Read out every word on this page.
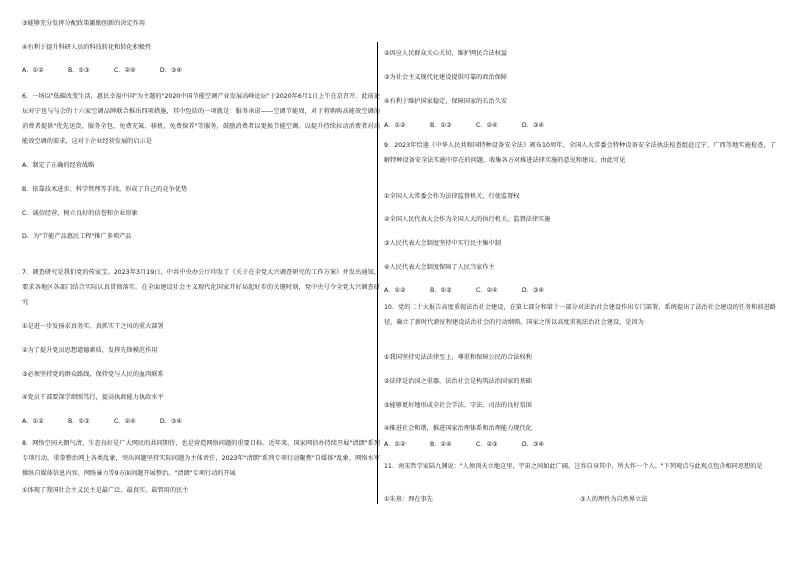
③能够充分发挥分配政策激励创新的决定作用
④有利于提升科研人员的科技转化和转化积极性
A．①②	B．①③	C．②④	D．③④
6．一场以"低碳改变生活，惠民幸福中国"为主题的"2020中国节能空调产业发展高峰论坛"于2020年6月1日上午在京召开。此前论坛对宁也与与会的十六家空调品牌联合推出四项措施，其中包括的一项就是：服务承诺——空调节能周，对于将购购高能效空调的消费者提供"优先送货、服务全包、免费充氟、移机、免费保养"等服务，鼓励消费者以更换节能空调。以提升持续拉动消费者对高能效空调的需求，这对于企业经营发展的启示是
A．制定了正确的经营战略
B．依靠技术进步、科学管理等手段，形成了自己的竞争优势
C．诚信经营，树立良好的信誉和企业形象
D．为"节能产品惠民工程"推广多项产品
7．调查研究是我们党的传家宝。2023年3月19日，中共中央办公厅印发了《关于在全党大兴调查研究的工作方案》并发出通知，要求各地区各部门结合实际认真贯彻落实。在全面建设社会主义现代化国家开好局起好步的关键时刻，党中央号令全党大兴调查研究
①是进一步发扬求真务实、真抓实干之风的重大部署
②为了提升党员思想道德素质，发挥先锋模范作用
③必须坚持党的群众路线，保持党与人民的血肉联系
④党员干部要深学细照笃行，提高执政能力执政水平
A．①②	B．①③	C．②④	D．③④
8．网络空间天朗气清，生态良好是广大网民的共同期待，也是营造网络问题的重要目标。近年来，国家网信办持续开展"清朗"系列专项行动，重拳整治网上各类乱象，突出问题坚持实际问题为主体责任，2023年"清朗"系列专项行动聚焦"自媒体"乱象、网络水军操纵自媒体信息内容、网络暴力等9方面问题开展整治。"清朗"专项行动的开展
①体现了我国社会主义民主是最广泛、最真实、最管用的民主
②因应人民群众关心关切，维护网民合法权益
③为社会主义现代化建设提供可靠的政治保障
④有利于维护国家稳定，保障国家的长治久安
A．①②	B．①③	C．②④	D．③④
9．2023年恰逢《中华人民共和国特种设备安全法》颁布10周年，全国人大常委会特种设备安全法执法检查组赴辽宁、广西等地实施检查，了解特种设备安全法实施中存在的问题，收集各方对推进法律实施的意见和建议。由此可见
①全国人大常委会作为法律监督机关，行使监督权
②全国人民代表大会作为全国人大的执行机关，监督法律实施
③人民代表大会制度坚持中实行民主集中制
④人民代表大会制度保障了人民当家作主
A．①②	B．①③	C．②④	D．③④
10．党的二十大报告高度重视法治社会建设，在第七部分和第十一部分对法治社会建设作出专门部署，系统提出了法治社会建设的任务和前进路径，确立了新时代新征程建设法治社会的行动纲领。国家之所以高度重视法治社会建设，是因为
①我国坚持宪法法律至上，尊重和保障公民的合法权利
②法律是治国之重器，法治社会是构筑法治国家的基础
③能够更好地形成全社会学法、守法、司法的良好氛围
④推进社会和谐，推进国家治理体系和治理能力现代化
A．①②	B．①④	C．②③	D．③④
11．南宋哲学家陆九渊说："人须顶天立地这里，宇宙之间如此广阔，岂容自身其中，所大作一个人。"下列观点与此观点包含相同思想的是
①朱熹：理在事先	③人的理性为自然界立法
